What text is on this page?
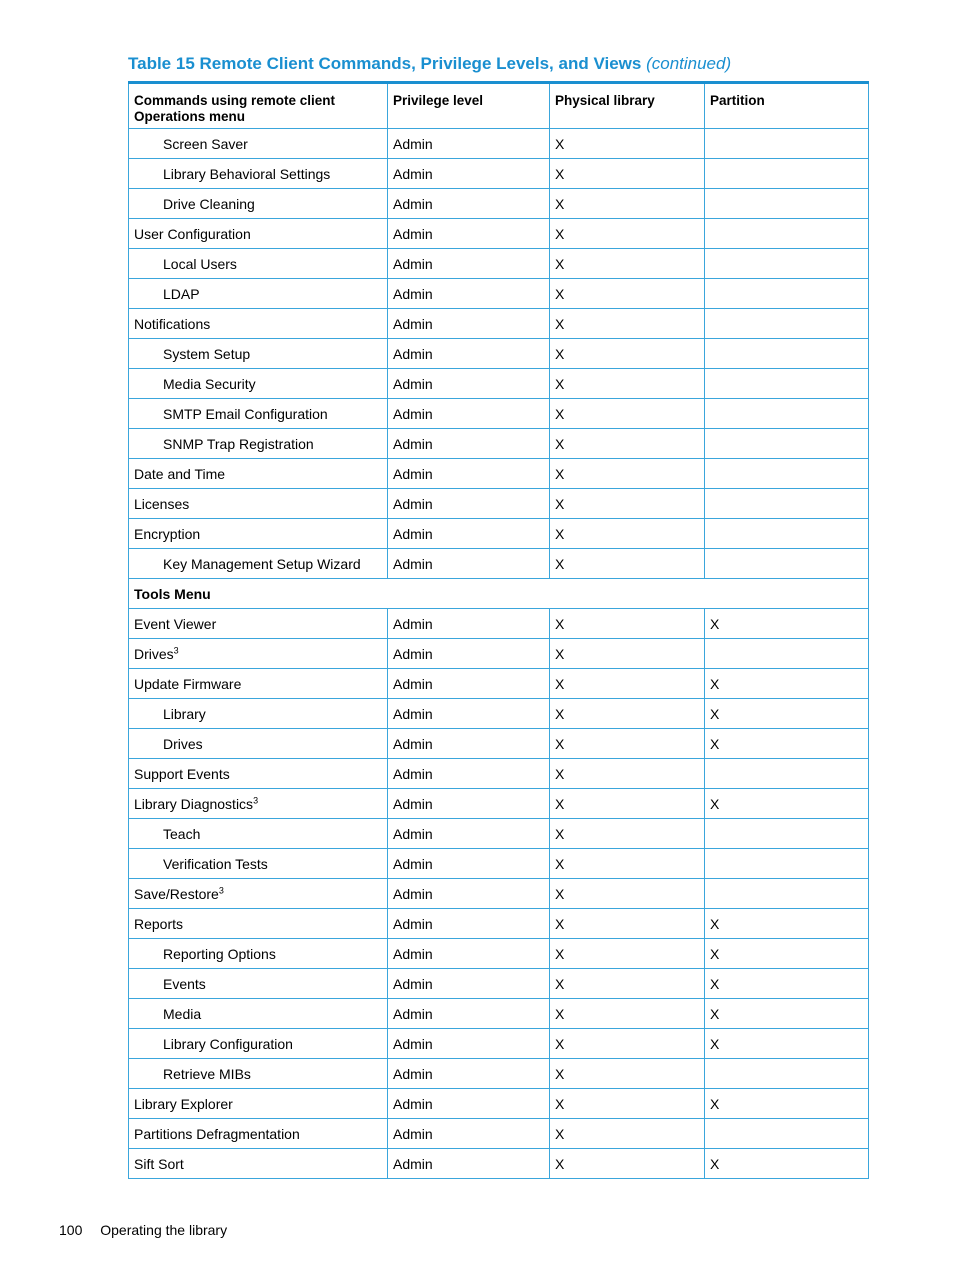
Table 15 Remote Client Commands, Privilege Levels, and Views (continued)
Commands using remote client Operations menu	Privilege level	Physical library	Partition
Screen Saver	Admin	X	
Library Behavioral Settings	Admin	X	
Drive Cleaning	Admin	X	
User Configuration	Admin	X	
Local Users	Admin	X	
LDAP	Admin	X	
Notifications	Admin	X	
System Setup	Admin	X	
Media Security	Admin	X	
SMTP Email Configuration	Admin	X	
SNMP Trap Registration	Admin	X	
Date and Time	Admin	X	
Licenses	Admin	X	
Encryption	Admin	X	
Key Management Setup Wizard	Admin	X	
Tools Menu			
Event Viewer	Admin	X	X
Drives$^3$	Admin	X	
Update Firmware	Admin	X	X
Library	Admin	X	X
Drives	Admin	X	X
Support Events	Admin	X	
Library Diagnostics$^3$	Admin	X	X
Teach	Admin	X	
Verification Tests	Admin	X	
Save/Restore$^3$	Admin	X	
Reports	Admin	X	X
Reporting Options	Admin	X	X
Events	Admin	X	X
Media	Admin	X	X
Library Configuration	Admin	X	X
Retrieve MIBs	Admin	X	
Library Explorer	Admin	X	X
Partitions Defragmentation	Admin	X	
Sift Sort	Admin	X	X
100 Operating the library
